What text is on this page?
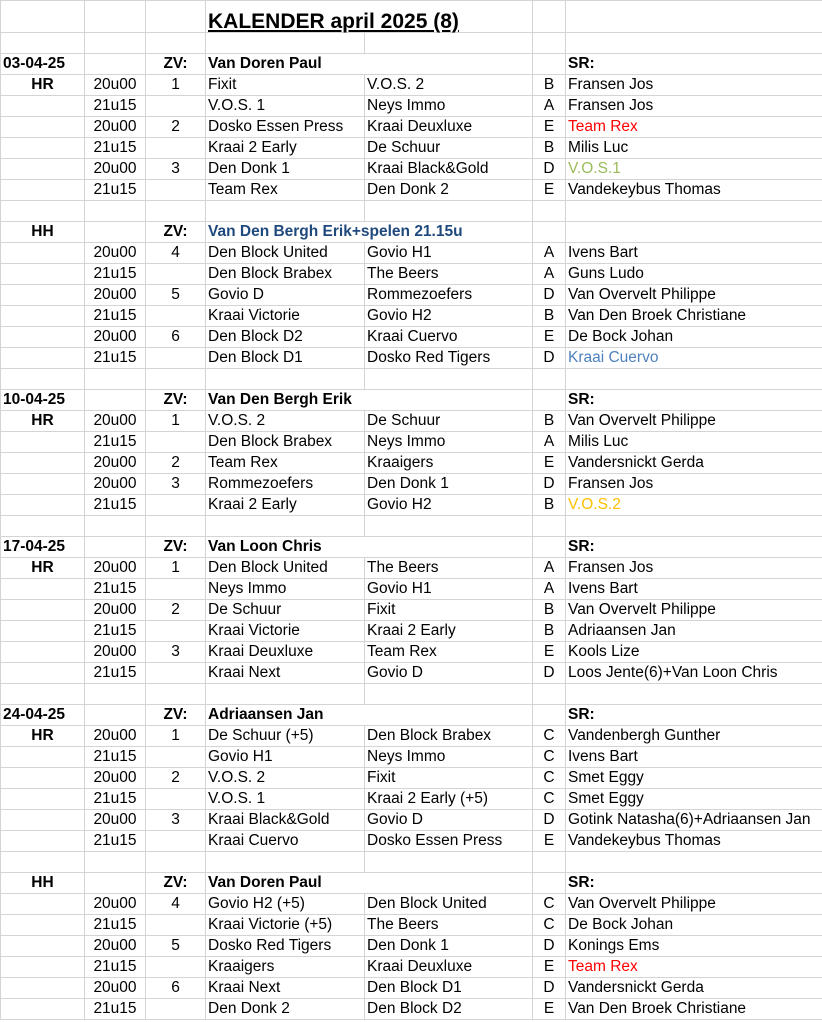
			KALENDER april 2025 (8)			

03-04-25		ZV:	Van Doren Paul			SR:
HR	20u00	1	Fixit	V.O.S. 2	B	Fransen Jos
	21u15		V.O.S. 1	Neys Immo	A	Fransen Jos
	20u00	2	Dosko Essen Press	Kraai Deuxluxe	E	Team Rex
	21u15		Kraai 2 Early	De Schuur	B	Milis Luc
	20u00	3	Den Donk 1	Kraai Black&Gold	D	V.O.S.1
	21u15		Team Rex	Den Donk 2	E	Vandekeybus Thomas

HH		ZV:	Van Den Bergh Erik+spelen 21.15u			
	20u00	4	Den Block United	Govio H1	A	Ivens Bart
	21u15		Den Block Brabex	The Beers	A	Guns Ludo
	20u00	5	Govio D	Rommezoefers	D	Van Overvelt Philippe
	21u15		Kraai Victorie	Govio H2	B	Van Den Broek Christiane
	20u00	6	Den Block D2	Kraai Cuervo	E	De Bock Johan
	21u15		Den Block D1	Dosko Red Tigers	D	Kraai Cuervo

10-04-25		ZV:	Van Den Bergh Erik			SR:
HR	20u00	1	V.O.S. 2	De Schuur	B	Van Overvelt Philippe
	21u15		Den Block Brabex	Neys Immo	A	Milis Luc
	20u00	2	Team Rex	Kraaigers	E	Vandersnickt Gerda
	20u00	3	Rommezoefers	Den Donk 1	D	Fransen Jos
	21u15		Kraai 2 Early	Govio H2	B	V.O.S.2

17-04-25		ZV:	Van Loon Chris			SR:
HR	20u00	1	Den Block United	The Beers	A	Fransen Jos
	21u15		Neys Immo	Govio H1	A	Ivens Bart
	20u00	2	De Schuur	Fixit	B	Van Overvelt Philippe
	21u15		Kraai Victorie	Kraai 2 Early	B	Adriaansen Jan
	20u00	3	Kraai Deuxluxe	Team Rex	E	Kools Lize
	21u15		Kraai Next	Govio D	D	Loos Jente(6)+Van Loon Chris

24-04-25		ZV:	Adriaansen Jan			SR:
HR	20u00	1	De Schuur (+5)	Den Block Brabex	C	Vandenbergh Gunther
	21u15		Govio H1	Neys Immo	C	Ivens Bart
	20u00	2	V.O.S. 2	Fixit	C	Smet Eggy
	21u15		V.O.S. 1	Kraai 2 Early (+5)	C	Smet Eggy
	20u00	3	Kraai Black&Gold	Govio D	D	Gotink Natasha(6)+Adriaansen Jan
	21u15		Kraai Cuervo	Dosko Essen Press	E	Vandekeybus Thomas

HH		ZV:	Van Doren Paul			SR:
	20u00	4	Govio H2 (+5)	Den Block United	C	Van Overvelt Philippe
	21u15		Kraai Victorie (+5)	The Beers	C	De Bock Johan
	20u00	5	Dosko Red Tigers	Den Donk 1	D	Konings Ems
	21u15		Kraaigers	Kraai Deuxluxe	E	Team Rex
	20u00	6	Kraai Next	Den Block D1	D	Vandersnickt Gerda
	21u15		Den Donk 2	Den Block D2	E	Van Den Broek Christiane
